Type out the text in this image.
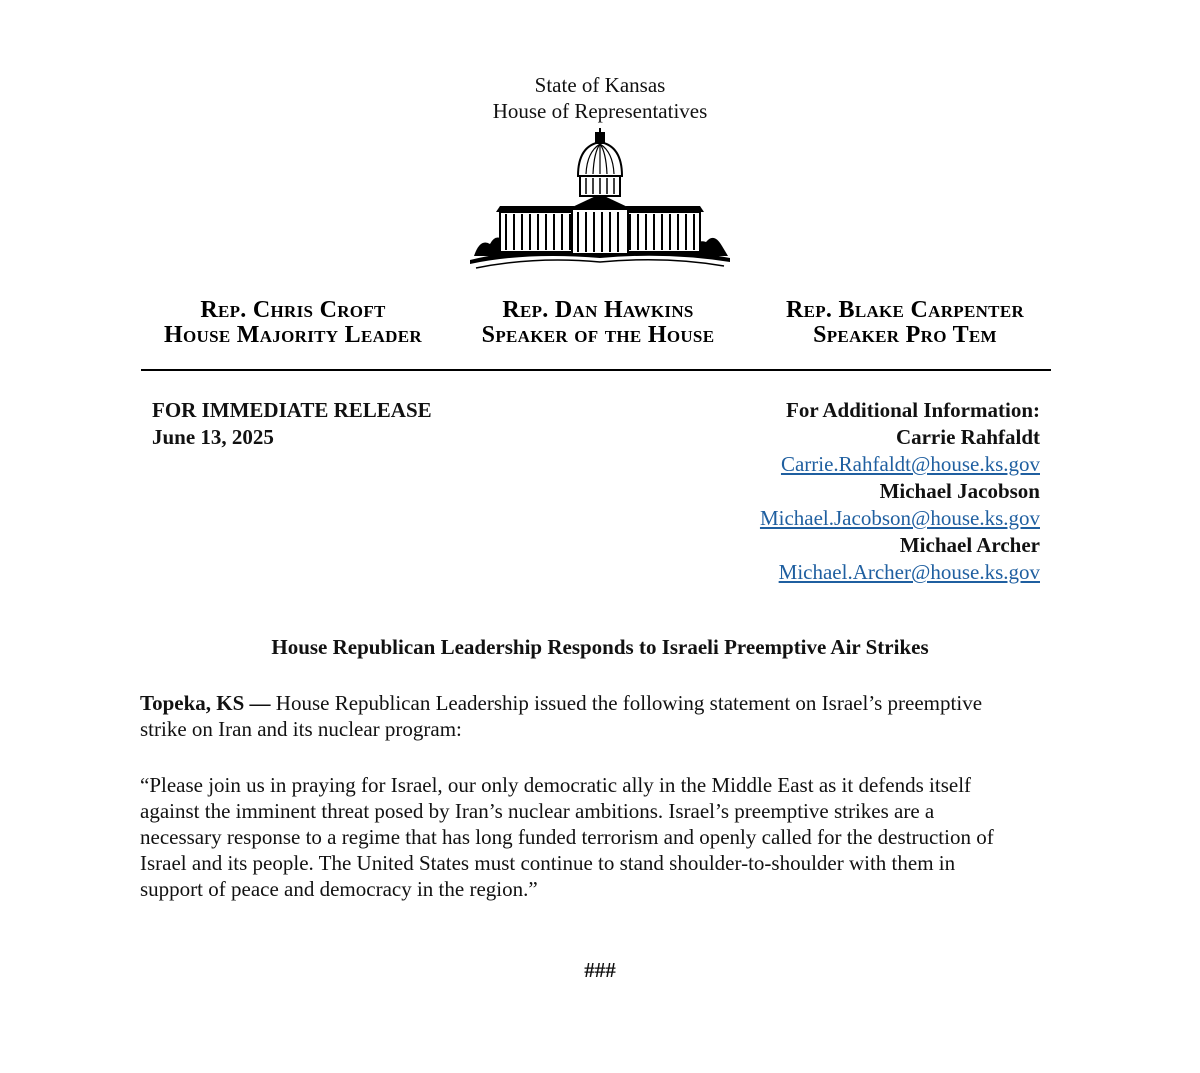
State of Kansas
House of Representatives
Rep. Chris Croft
House Majority Leader
Rep. Dan Hawkins
Speaker of the House
Rep. Blake Carpenter
Speaker Pro Tem
FOR IMMEDIATE RELEASE
June 13, 2025
For Additional Information:
Carrie Rahfaldt
Carrie.Rahfaldt@house.ks.gov
Michael Jacobson
Michael.Jacobson@house.ks.gov
Michael Archer
Michael.Archer@house.ks.gov
House Republican Leadership Responds to Israeli Preemptive Air Strikes
Topeka, KS — House Republican Leadership issued the following statement on Israel’s preemptive strike on Iran and its nuclear program:
“Please join us in praying for Israel, our only democratic ally in the Middle East as it defends itself against the imminent threat posed by Iran’s nuclear ambitions. Israel’s preemptive strikes are a necessary response to a regime that has long funded terrorism and openly called for the destruction of Israel and its people. The United States must continue to stand shoulder-to-shoulder with them in support of peace and democracy in the region.”
###
